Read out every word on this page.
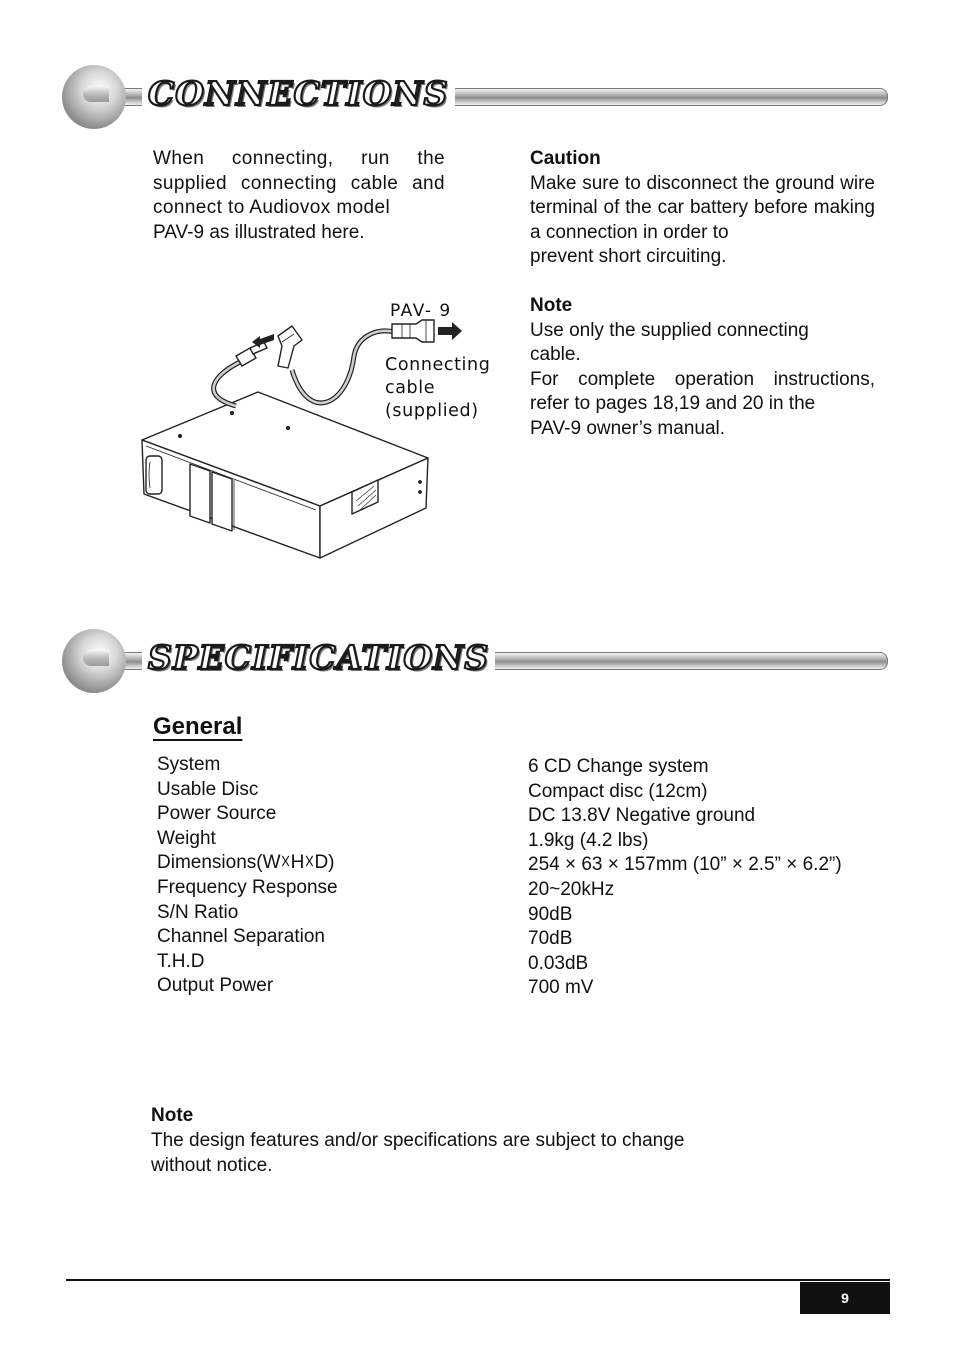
CONNECTIONS

When connecting, run the supplied connecting cable and connect to Audiovox model
PAV-9 as illustrated here.

Caution
Make sure to disconnect the ground wire terminal of the car battery before making a connection in order to
prevent short circuiting.
Note
Use only the supplied connecting
cable.
For complete operation instructions, refer to pages 18,19 and 20 in the
PAV-9 owner’s manual.
PAV- 9
Connecting
cable
(supplied)
SPECIFICATIONS
General
System
Usable Disc
Power Source
Weight
Dimensions(W☓H☓D)
Frequency Response
S/N Ratio
Channel Separation
T.H.D
Output Power
6 CD Change system
Compact disc (12cm)
DC 13.8V Negative ground
1.9kg (4.2 lbs)
254 × 63 × 157mm (10” × 2.5” × 6.2”)
20~20kHz
90dB
70dB
0.03dB
700 mV
Note
The design features and/or specifications are subject to change
without notice.
9
